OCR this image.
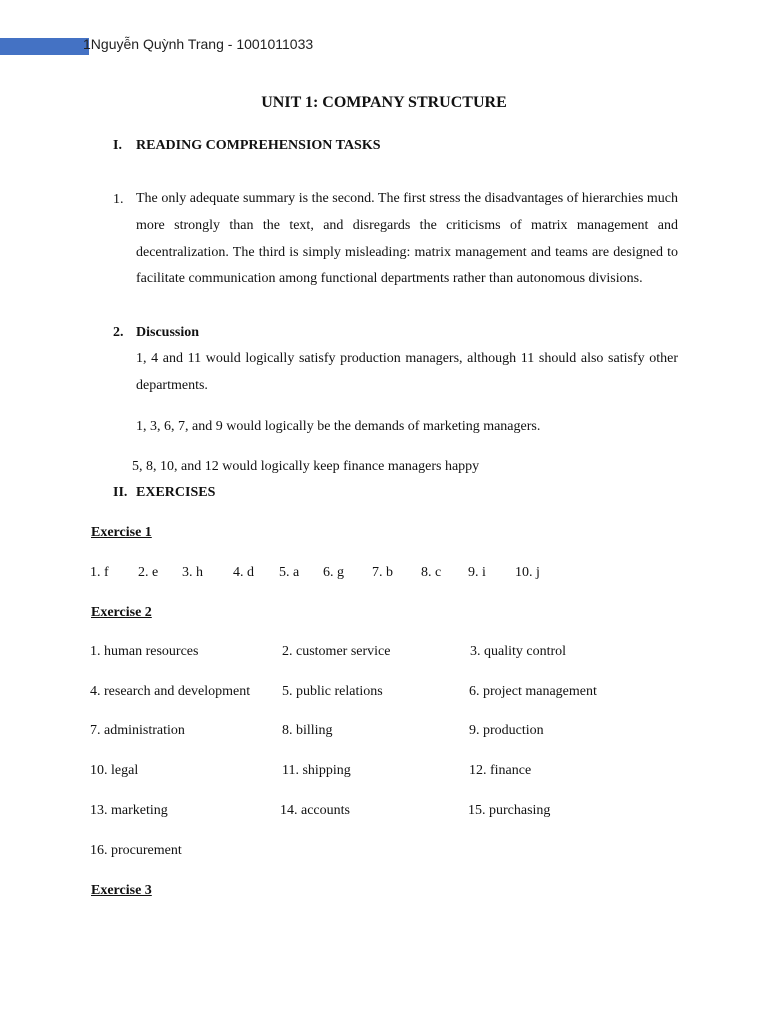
1Nguyễn Quỳnh Trang - 1001011033
UNIT 1: COMPANY STRUCTURE
I. READING COMPREHENSION TASKS
1. The only adequate summary is the second. The first stress the disadvantages of hierarchies much more strongly than the text, and disregards the criticisms of matrix management and decentralization. The third is simply misleading: matrix management and teams are designed to facilitate communication among functional departments rather than autonomous divisions.
2. Discussion
1, 4 and 11 would logically satisfy production managers, although 11 should also satisfy other departments.
1, 3, 6, 7, and 9 would logically be the demands of marketing managers.
5, 8, 10, and 12 would logically keep finance managers happy
II. EXERCISES
Exercise 1
1. f 2. e 3. h 4. d 5. a 6. g 7. b 8. c 9. i 10. j
Exercise 2
1. human resources	2. customer service	3. quality control
4. research and development 5. public relations	6. project management
7. administration	8. billing	9. production
10. legal	11. shipping	12. finance
13. marketing	14. accounts	15. purchasing
16. procurement
Exercise 3
